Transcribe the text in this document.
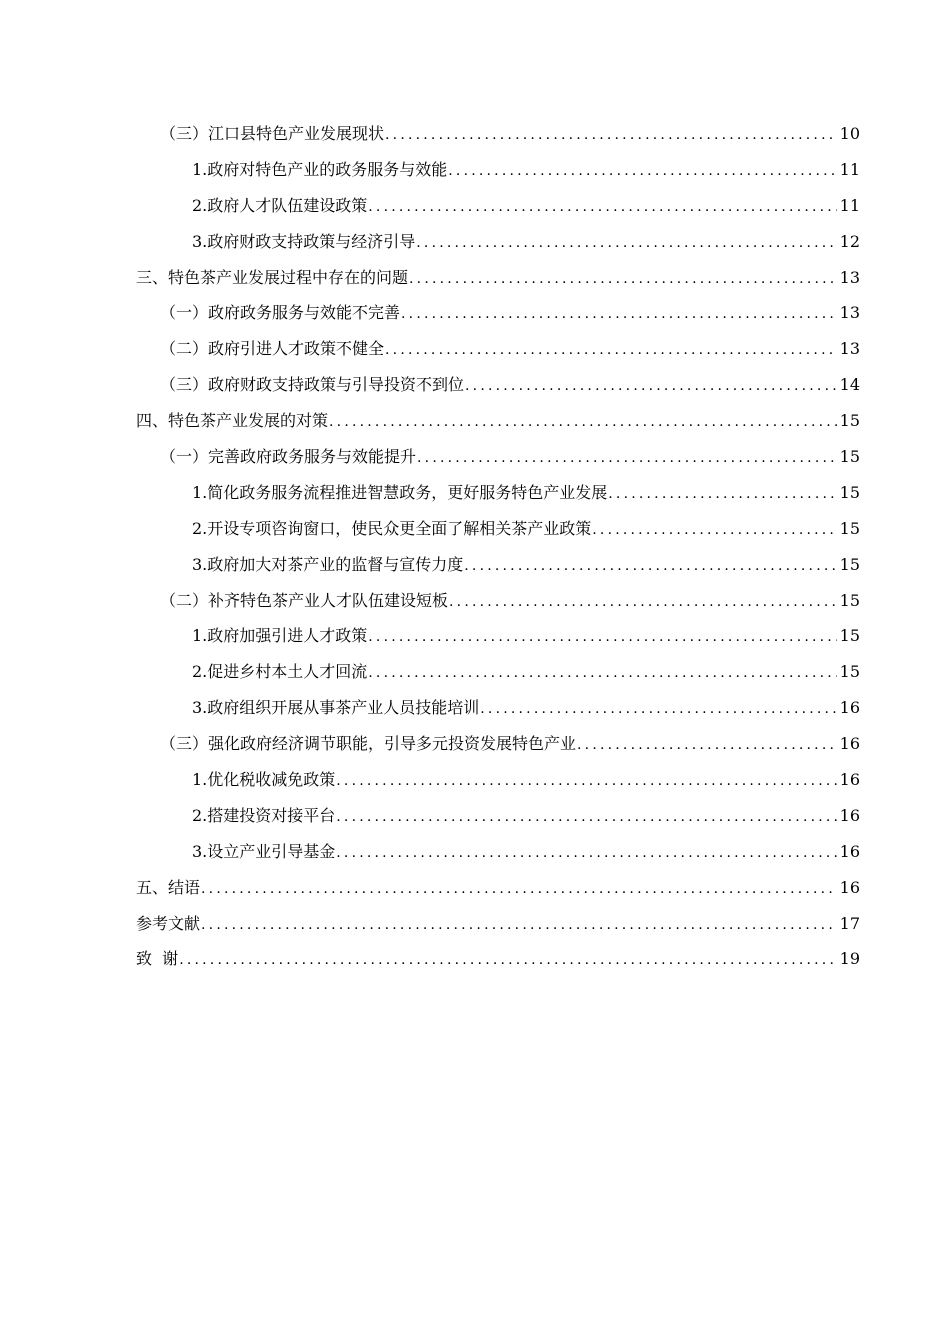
（三）江口县特色产业发展现状 .....	10
1.政府对特色产业的政务服务与效能 .....	11
2.政府人才队伍建设政策 .....	11
3.政府财政支持政策与经济引导 .....	12
三、特色茶产业发展过程中存在的问题 .....	13
（一）政府政务服务与效能不完善 .....	13
（二）政府引进人才政策不健全 .....	13
（三）政府财政支持政策与引导投资不到位 .....	14
四、特色茶产业发展的对策 .....	15
（一）完善政府政务服务与效能提升 .....	15
1.简化政务服务流程推进智慧政务，更好服务特色产业发展 .....	15
2.开设专项咨询窗口，使民众更全面了解相关茶产业政策 .....	15
3.政府加大对茶产业的监督与宣传力度 .....	15
（二）补齐特色茶产业人才队伍建设短板 .....	15
1.政府加强引进人才政策 .....	15
2.促进乡村本土人才回流 .....	15
3.政府组织开展从事茶产业人员技能培训 .....	16
（三）强化政府经济调节职能，引导多元投资发展特色产业 .....	16
1.优化税收减免政策 .....	16
2.搭建投资对接平台 .....	16
3.设立产业引导基金 .....	16
五、结语 .....	16
参考文献 .....	17
致  谢 .....	19
